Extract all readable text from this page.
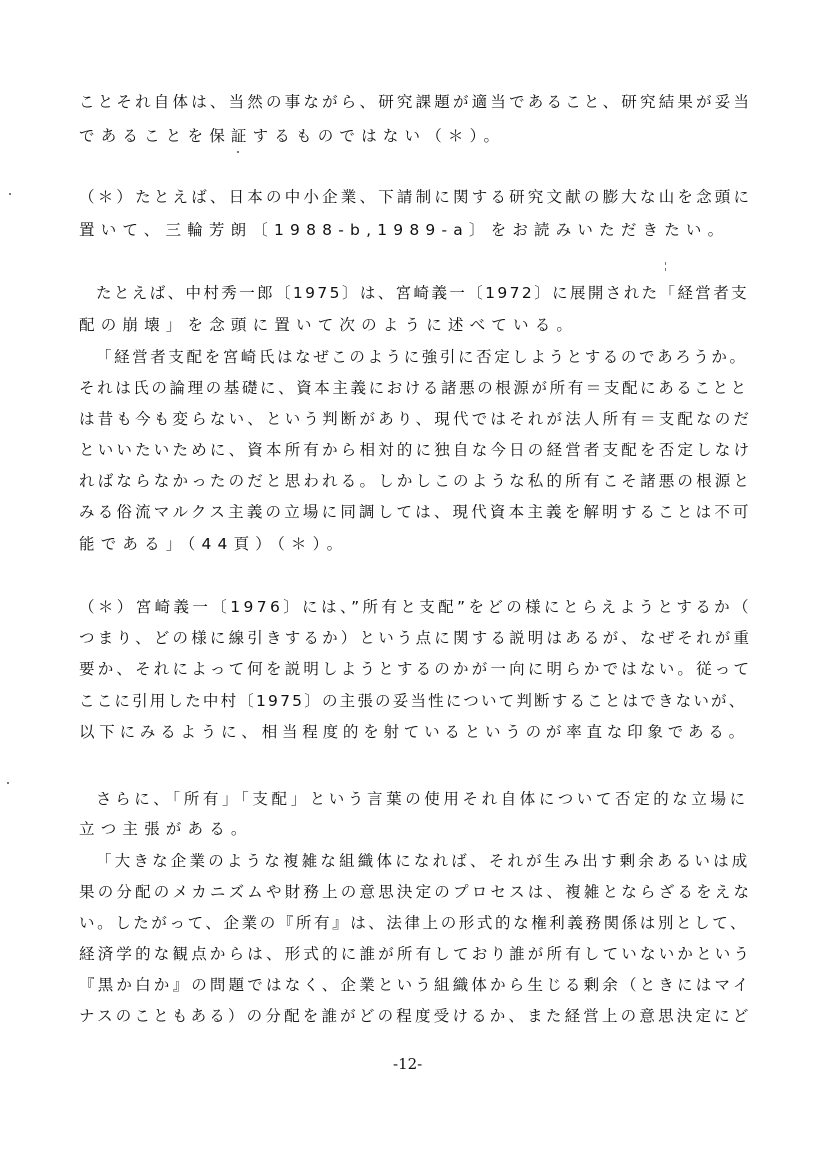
ことそれ自体は、当然の事ながら、研究課題が適当であること、研究結果が妥当
であることを保証するものではない（＊）。
（＊）たとえば、日本の中小企業、下請制に関する研究文献の膨大な山を念頭に
置いて、三輪芳朗〔1988-b,1989-a〕をお読みいただきたい。
たとえば、中村秀一郎〔1975〕は、宮崎義一〔1972〕に展開された「経営者支
配の崩壊」を念頭に置いて次のように述べている。
「経営者支配を宮崎氏はなぜこのように強引に否定しようとするのであろうか。
それは氏の論理の基礎に、資本主義における諸悪の根源が所有＝支配にあることと
は昔も今も変らない、という判断があり、現代ではそれが法人所有＝支配なのだ
といいたいために、資本所有から相対的に独自な今日の経営者支配を否定しなけ
ればならなかったのだと思われる。しかしこのような私的所有こそ諸悪の根源と
みる俗流マルクス主義の立場に同調しては、現代資本主義を解明することは不可
能である」（44頁）（＊）。
（＊）宮崎義一〔1976〕には、”所有と支配”をどの様にとらえようとするか（
つまり、どの様に線引きするか）という点に関する説明はあるが、なぜそれが重
要か、それによって何を説明しようとするのかが一向に明らかではない。従って
ここに引用した中村〔1975〕の主張の妥当性について判断することはできないが、
以下にみるように、相当程度的を射ているというのが率直な印象である。
さらに、「所有」「支配」という言葉の使用それ自体について否定的な立場に
立つ主張がある。
「大きな企業のような複雑な組織体になれば、それが生み出す剰余あるいは成
果の分配のメカニズムや財務上の意思決定のプロセスは、複雑とならざるをえな
い。したがって、企業の『所有』は、法律上の形式的な権利義務関係は別として、
経済学的な観点からは、形式的に誰が所有しており誰が所有していないかという
『黒か白か』の問題ではなく、企業という組織体から生じる剰余（ときにはマイ
ナスのこともある）の分配を誰がどの程度受けるか、また経営上の意思決定にど
-12-
